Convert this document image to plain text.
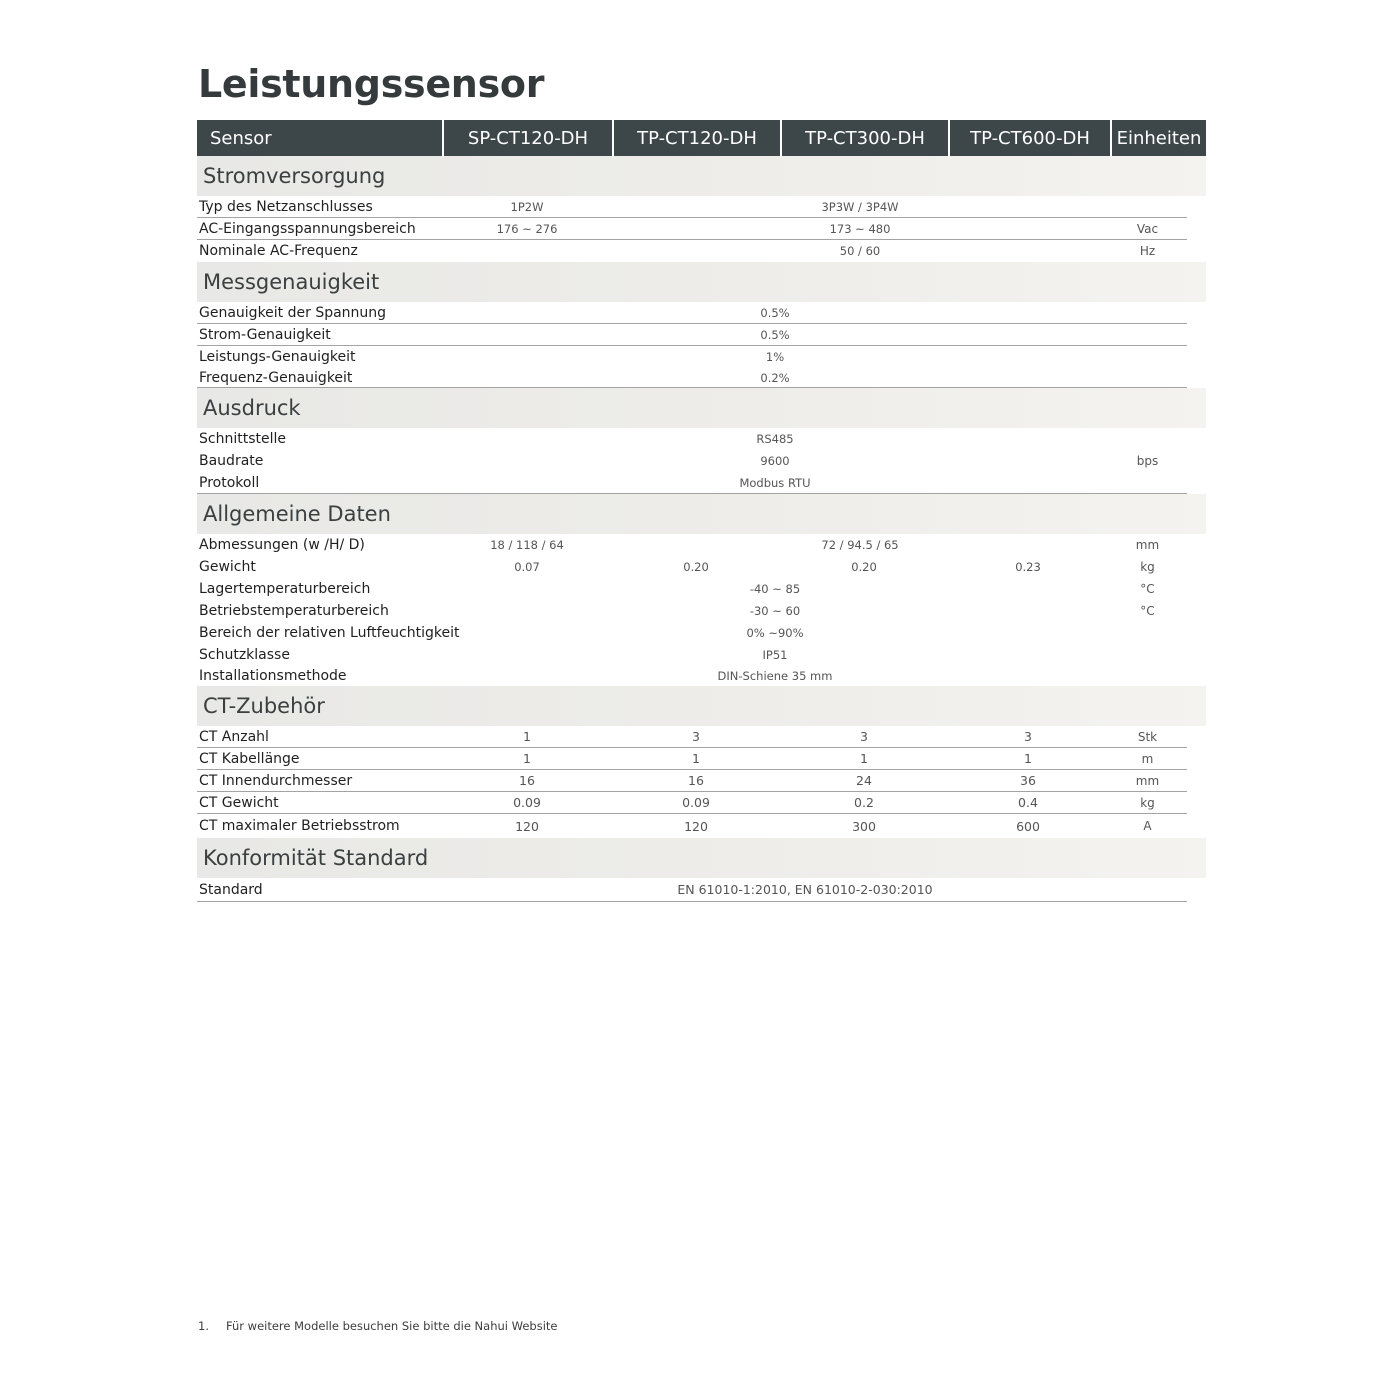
Leistungssensor
Sensor	SP-CT120-DH	TP-CT120-DH	TP-CT300-DH	TP-CT600-DH	Einheiten
Stromversorgung
Typ des Netzanschlusses	1P2W	3P3W / 3P4W
AC-Eingangsspannungsbereich	176 ~ 276	173 ~ 480	Vac
Nominale AC-Frequenz	50 / 60	Hz
Messgenauigkeit
Genauigkeit der Spannung	0.5%
Strom-Genauigkeit	0.5%
Leistungs-Genauigkeit	1%
Frequenz-Genauigkeit	0.2%
Ausdruck
Schnittstelle	RS485
Baudrate	9600	bps
Protokoll	Modbus RTU
Allgemeine Daten
Abmessungen (w /H/ D)	18 / 118 / 64	72 / 94.5 / 65	mm
Gewicht	0.07	0.20	0.20	0.23	kg
Lagertemperaturbereich	-40 ~ 85	°C
Betriebstemperaturbereich	-30 ~ 60	°C
Bereich der relativen Luftfeuchtigkeit	0% ~90%
Schutzklasse	IP51
Installationsmethode	DIN-Schiene 35 mm
CT-Zubehör
CT Anzahl	1	3	3	3	Stk
CT Kabellänge	1	1	1	1	m
CT Innendurchmesser	16	16	24	36	mm
CT Gewicht	0.09	0.09	0.2	0.4	kg
CT maximaler Betriebsstrom	120	120	300	600	A
Konformität Standard
Standard	EN 61010-1:2010, EN 61010-2-030:2010
1.	Für weitere Modelle besuchen Sie bitte die Nahui Website
